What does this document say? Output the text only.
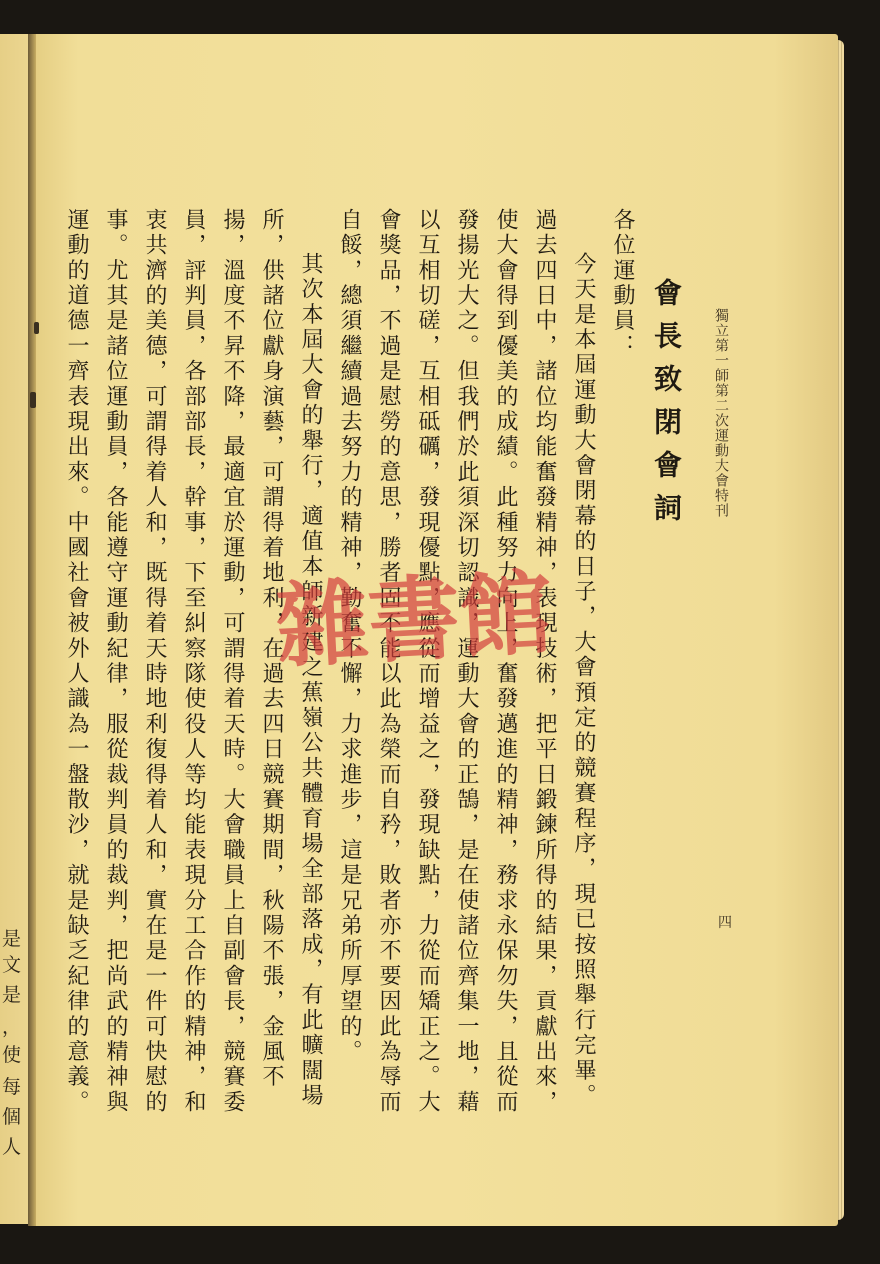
是
文
是
，
使
每
個
人
獨立第一師第二次運動大會特刊
四
會長致閉會詞

各位運動員：

今天是本屆運動大會閉幕的日子，大會預定的競賽程序，現已按照舉行完畢。過去四日中，諸位均能奮發精神，表現技術，把平日鍛鍊所得的結果，貢獻出來，使大會得到優美的成績。此種努力向上，奮發邁進的精神，務求永保勿失，且從而發揚光大之。但我們於此須深切認識，運動大會的正鵠，是在使諸位齊集一地，藉以互相切磋，互相砥礪，發現優點，應從而增益之，發現缺點，力從而矯正之。大會獎品，不過是慰勞的意思，勝者固不能以此為榮而自矜，敗者亦不要因此為辱而自餒，總須繼續過去努力的精神，勤奮不懈，力求進步，這是兄弟所厚望的。

其次本屆大會的舉行，適值本師新建之蕉嶺公共體育場全部落成，有此曠闊場所，供諸位獻身演藝，可謂得着地利，在過去四日競賽期間，秋陽不張，金風不揚，溫度不昇不降，最適宜於運動，可謂得着天時。大會職員上自副會長，競賽委員，評判員，各部部長，幹事，下至糾察隊使役人等均能表現分工合作的精神，和衷共濟的美德，可謂得着人和，既得着天時地利復得着人和，實在是一件可快慰的事。尤其是諸位運動員，各能遵守運動紀律，服從裁判員的裁判，把尚武的精神與運動的道德一齊表現出來。中國社會被外人識為一盤散沙，就是缺乏紀律的意義。	雜書館
